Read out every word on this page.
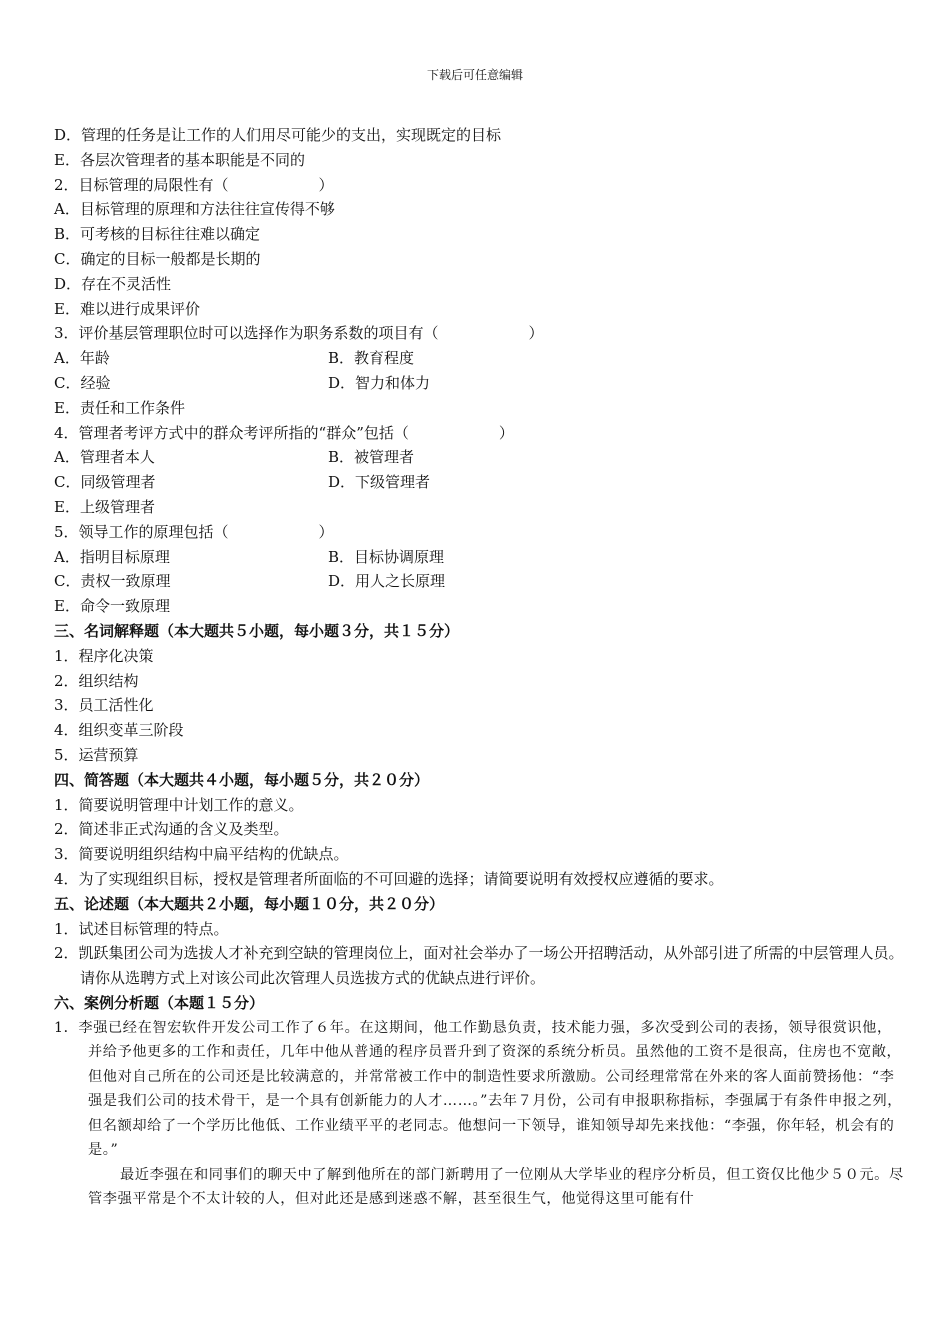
下载后可任意编辑
D．管理的任务是让工作的人们用尽可能少的支出，实现既定的目标
E．各层次管理者的基本职能是不同的
2．目标管理的局限性有（　　　　　　）
A．目标管理的原理和方法往往宣传得不够
B．可考核的目标往往难以确定
C．确定的目标一般都是长期的
D．存在不灵活性
E．难以进行成果评价
3．评价基层管理职位时可以选择作为职务系数的项目有（　　　　　　）
A．年龄	B．教育程度
C．经验	D．智力和体力
E．责任和工作条件
4．管理者考评方式中的群众考评所指的“群众”包括（　　　　　　）
A．管理者本人	B．被管理者
C．同级管理者	D．下级管理者
E．上级管理者
5．领导工作的原理包括（　　　　　　）
A．指明目标原理	B．目标协调原理
C．责权一致原理	D．用人之长原理
E．命令一致原理
三、名词解释题（本大题共５小题，每小题３分，共１５分）
1．程序化决策
2．组织结构
3．员工活性化
4．组织变革三阶段
5．运营预算
四、简答题（本大题共４小题，每小题５分，共２０分）
1．简要说明管理中计划工作的意义。
2．简述非正式沟通的含义及类型。
3．简要说明组织结构中扁平结构的优缺点。
4．为了实现组织目标，授权是管理者所面临的不可回避的选择；请简要说明有效授权应遵循的要求。
五、论述题（本大题共２小题，每小题１０分，共２０分）
1．试述目标管理的特点。
2．凯跃集团公司为选拔人才补充到空缺的管理岗位上，面对社会举办了一场公开招聘活动，从外部引进了所需的中层管理人员。请你从选聘方式上对该公司此次管理人员选拔方式的优缺点进行评价。
六、案例分析题（本题１５分）
1．李强已经在智宏软件开发公司工作了６年。在这期间，他工作勤恳负责，技术能力强，多次受到公司的表扬，领导很赏识他，并给予他更多的工作和责任，几年中他从普通的程序员晋升到了资深的系统分析员。虽然他的工资不是很高，住房也不宽敞，但他对自己所在的公司还是比较满意的，并常常被工作中的制造性要求所激励。公司经理常常在外来的客人面前赞扬他：“李强是我们公司的技术骨干，是一个具有创新能力的人才……。”去年７月份，公司有申报职称指标，李强属于有条件申报之列，但名额却给了一个学历比他低、工作业绩平平的老同志。他想问一下领导，谁知领导却先来找他：“李强，你年轻，机会有的是。”
最近李强在和同事们的聊天中了解到他所在的部门新聘用了一位刚从大学毕业的程序分析员，但工资仅比他少５０元。尽管李强平常是个不太计较的人，但对此还是感到迷惑不解，甚至很生气，他觉得这里可能有什
